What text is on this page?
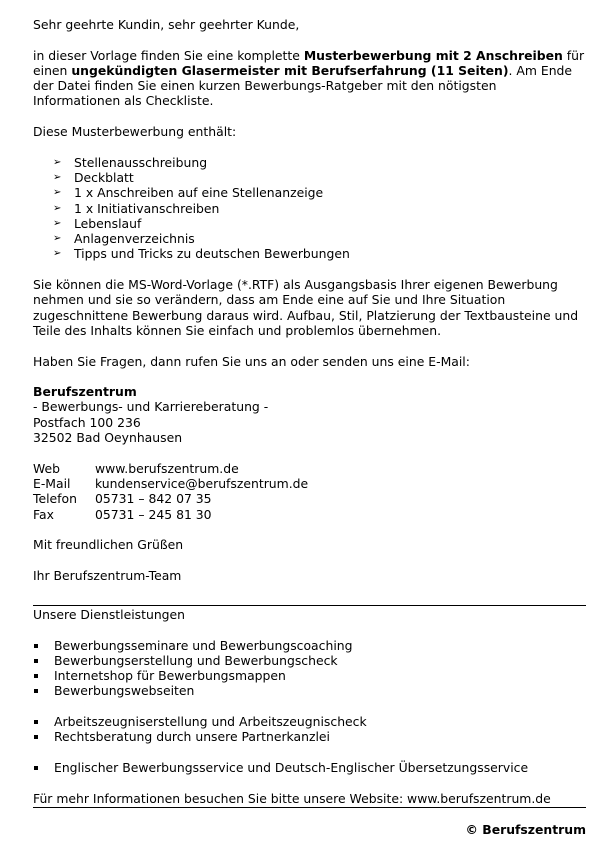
Sehr geehrte Kundin, sehr geehrter Kunde,

in dieser Vorlage finden Sie eine komplette Musterbewerbung mit 2 Anschreiben für einen ungekündigten Glasermeister mit Berufserfahrung (11 Seiten). Am Ende der Datei finden Sie einen kurzen Bewerbungs-Ratgeber mit den nötigsten Informationen als Checkliste.

Diese Musterbewerbung enthält:

➢ Stellenausschreibung
➢ Deckblatt
➢ 1 x Anschreiben auf eine Stellenanzeige
➢ 1 x Initiativanschreiben
➢ Lebenslauf
➢ Anlagenverzeichnis
➢ Tipps und Tricks zu deutschen Bewerbungen

Sie können die MS-Word-Vorlage (*.RTF) als Ausgangsbasis Ihrer eigenen Bewerbung nehmen und sie so verändern, dass am Ende eine auf Sie und Ihre Situation zugeschnittene Bewerbung daraus wird. Aufbau, Stil, Platzierung der Textbausteine und Teile des Inhalts können Sie einfach und problemlos übernehmen.

Haben Sie Fragen, dann rufen Sie uns an oder senden uns eine E-Mail:

Berufszentrum

- Bewerbungs- und Karriereberatung -

Postfach 100 236

32502 Bad Oeynhausen

Web	www.berufszentrum.de
E-Mail	kundenservice@berufszentrum.de
Telefon	05731 – 842 07 35
Fax	05731 – 245 81 30

Mit freundlichen Grüßen

Ihr Berufszentrum-Team

Unsere Dienstleistungen

Bewerbungsseminare und Bewerbungscoaching
Bewerbungserstellung und Bewerbungscheck
Internetshop für Bewerbungsmappen
Bewerbungswebseiten
Arbeitszeugniserstellung und Arbeitszeugnischeck
Rechtsberatung durch unsere Partnerkanzlei
Englischer Bewerbungsservice und Deutsch-Englischer Übersetzungsservice

Für mehr Informationen besuchen Sie bitte unsere Website: www.berufszentrum.de

© Berufszentrum
